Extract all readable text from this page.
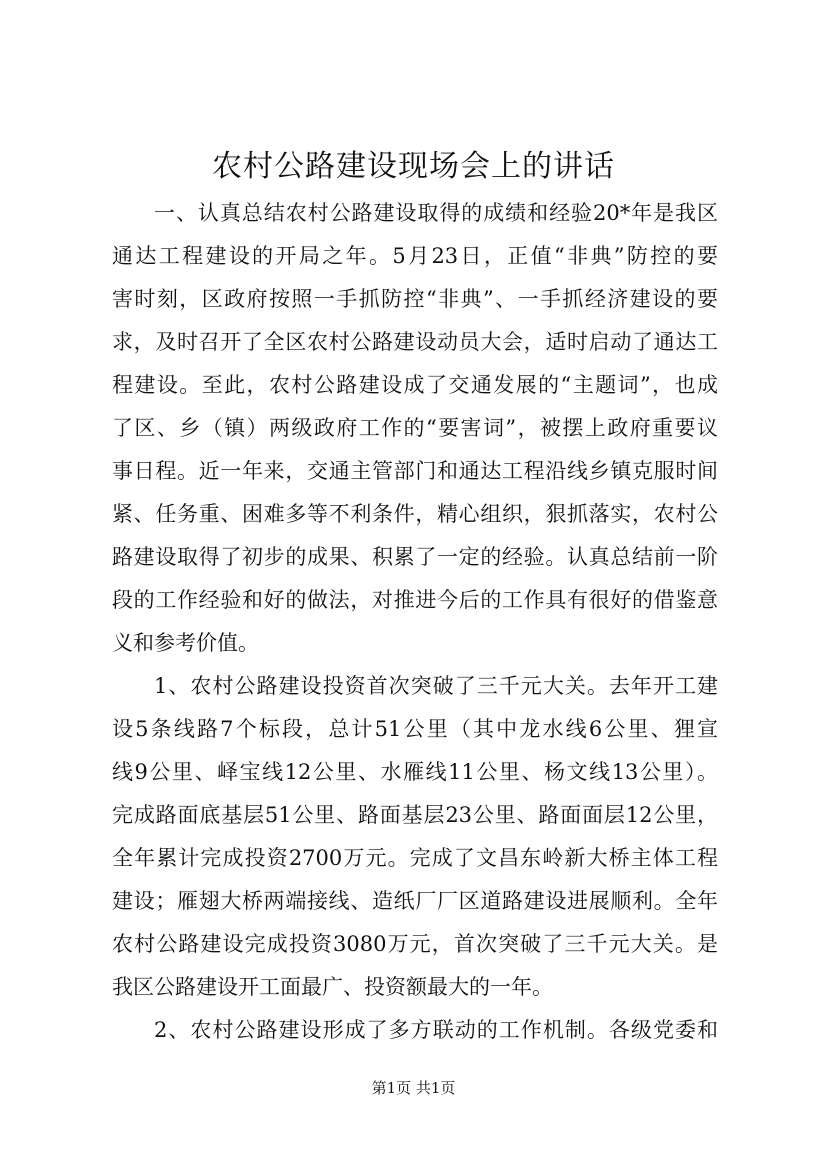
农村公路建设现场会上的讲话
一、认真总结农村公路建设取得的成绩和经验20*年是我区
通达工程建设的开局之年。5月23日，正值“非典”防控的要
害时刻，区政府按照一手抓防控“非典”、一手抓经济建设的要
求，及时召开了全区农村公路建设动员大会，适时启动了通达工
程建设。至此，农村公路建设成了交通发展的“主题词”，也成
了区、乡（镇）两级政府工作的“要害词”，被摆上政府重要议
事日程。近一年来，交通主管部门和通达工程沿线乡镇克服时间
紧、任务重、困难多等不利条件，精心组织，狠抓落实，农村公
路建设取得了初步的成果、积累了一定的经验。认真总结前一阶
段的工作经验和好的做法，对推进今后的工作具有很好的借鉴意
义和参考价值。
1、农村公路建设投资首次突破了三千元大关。去年开工建
设5条线路7个标段，总计51公里（其中龙水线6公里、狸宣
线9公里、峄宝线12公里、水雁线11公里、杨文线13公里）。
完成路面底基层51公里、路面基层23公里、路面面层12公里，
全年累计完成投资2700万元。完成了文昌东岭新大桥主体工程
建设；雁翅大桥两端接线、造纸厂厂区道路建设进展顺利。全年
农村公路建设完成投资3080万元，首次突破了三千元大关。是
我区公路建设开工面最广、投资额最大的一年。
2、农村公路建设形成了多方联动的工作机制。各级党委和
第1页 共1页
